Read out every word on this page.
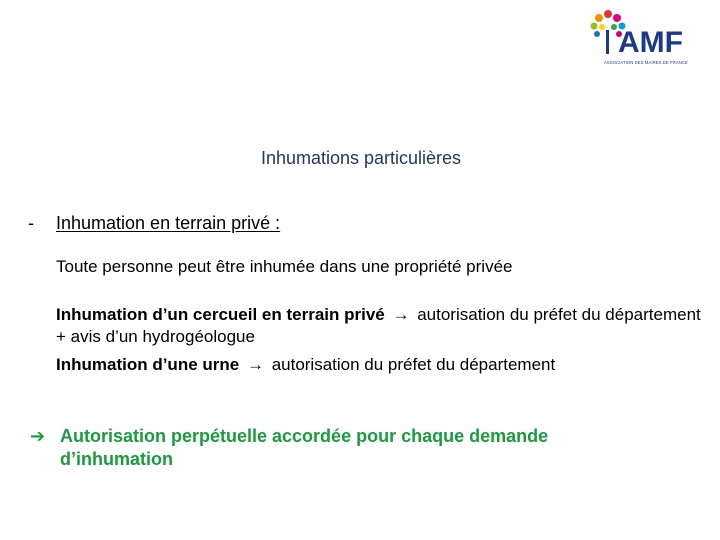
AMF
ASSOCIATION DES MAIRES DE FRANCE
Inhumations particulières
- Inhumation en terrain privé :
Toute personne peut être inhumée dans une propriété privée
Inhumation d’un cercueil en terrain privé → autorisation du préfet du département + avis d’un hydrogéologue
Inhumation d’une urne → autorisation du préfet du département
➔ Autorisation perpétuelle accordée pour chaque demande d’inhumation
